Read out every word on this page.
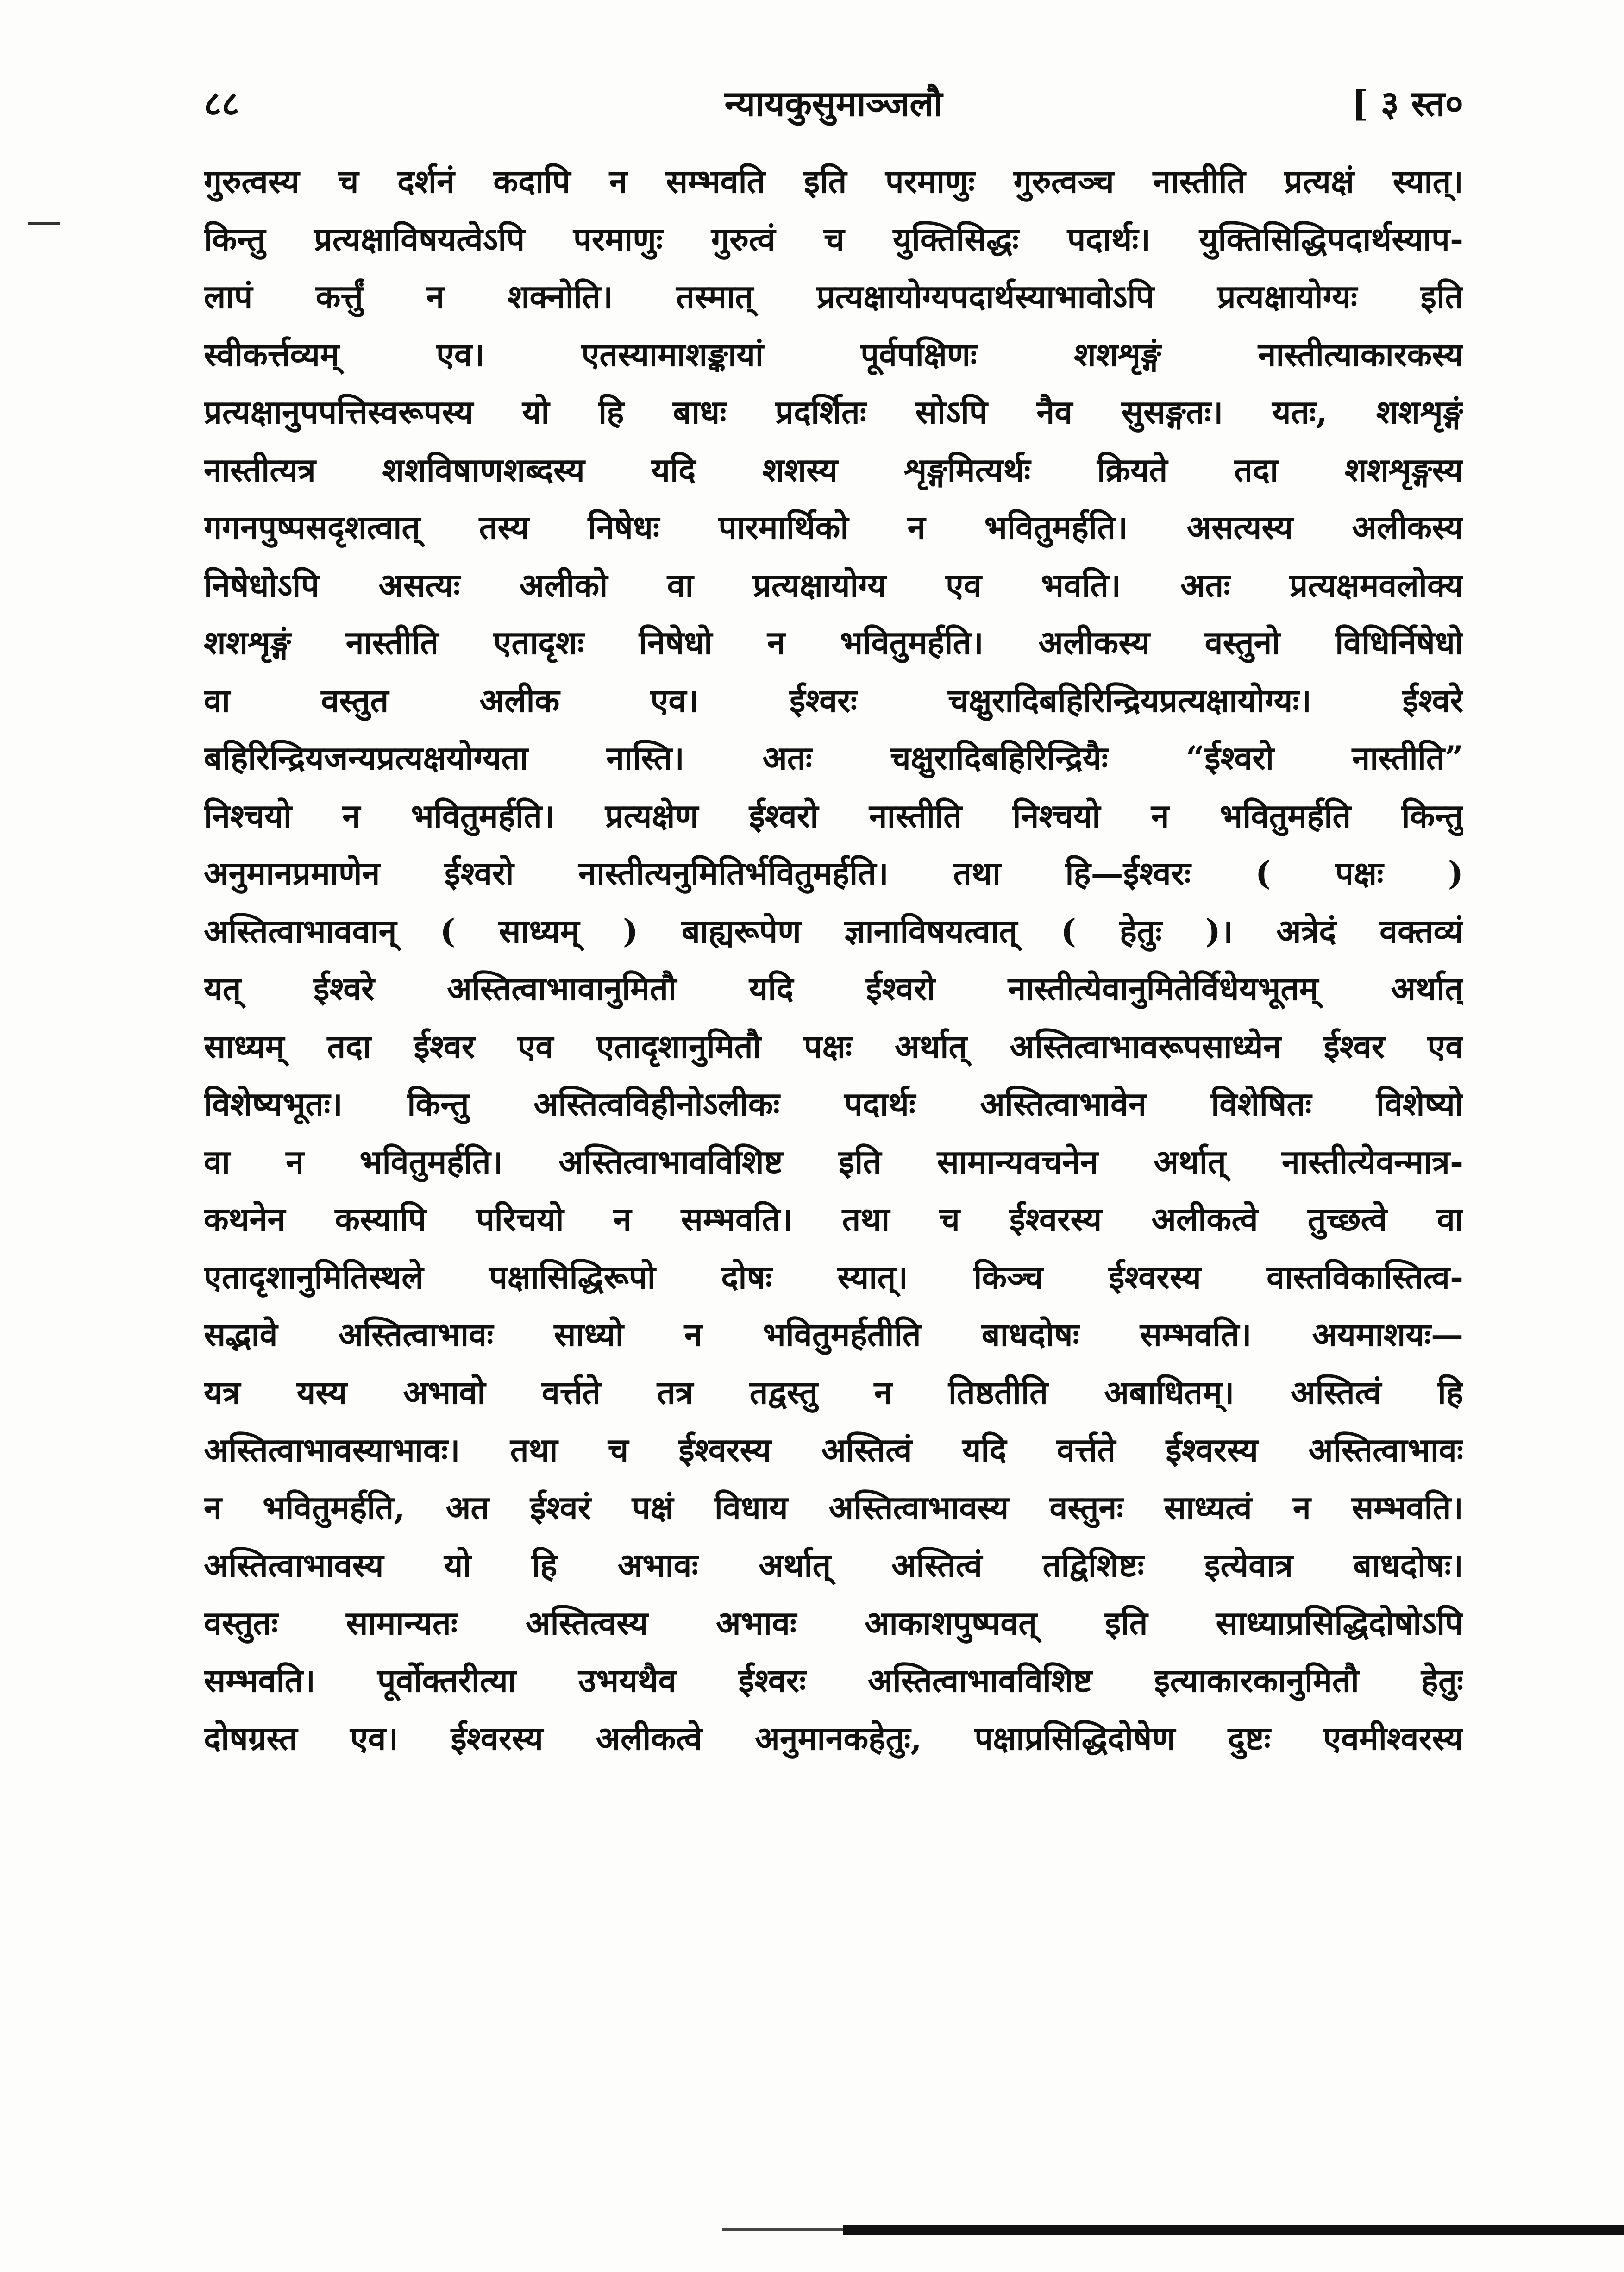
८८	न्यायकुसुमाञ्जलौ	[ ३ स्त०
गुरुत्वस्य च दर्शनं कदापि न सम्भवति इति परमाणुः गुरुत्वञ्च नास्तीति प्रत्यक्षं स्यात्।
किन्तु प्रत्यक्षाविषयत्वेऽपि परमाणुः गुरुत्वं च युक्तिसिद्धः पदार्थः। युक्तिसिद्धिपदार्थस्याप-
लापं कर्त्तुं न शक्नोति। तस्मात् प्रत्यक्षायोग्यपदार्थस्याभावोऽपि प्रत्यक्षायोग्यः इति
स्वीकर्त्तव्यम् एव। एतस्यामाशङ्कायां पूर्वपक्षिणः शशशृङ्गं नास्तीत्याकारकस्य
प्रत्यक्षानुपपत्तिस्वरूपस्य यो हि बाधः प्रदर्शितः सोऽपि नैव सुसङ्गतः। यतः, शशशृङ्गं
नास्तीत्यत्र शशविषाणशब्दस्य यदि शशस्य शृङ्गमित्यर्थः क्रियते तदा शशशृङ्गस्य
गगनपुष्पसदृशत्वात् तस्य निषेधः पारमार्थिको न भवितुमर्हति। असत्यस्य अलीकस्य
निषेधोऽपि असत्यः अलीको वा प्रत्यक्षायोग्य एव भवति। अतः प्रत्यक्षमवलोक्य
शशशृङ्गं नास्तीति एतादृशः निषेधो न भवितुमर्हति। अलीकस्य वस्तुनो विधिर्निषेधो
वा वस्तुत अलीक एव। ईश्वरः चक्षुरादिबहिरिन्द्रियप्रत्यक्षायोग्यः। ईश्वरे
बहिरिन्द्रियजन्यप्रत्यक्षयोग्यता नास्ति। अतः चक्षुरादिबहिरिन्द्रियैः “ईश्वरो नास्तीति”
निश्चयो न भवितुमर्हति। प्रत्यक्षेण ईश्वरो नास्तीति निश्चयो न भवितुमर्हति किन्तु
अनुमानप्रमाणेन ईश्वरो नास्तीत्यनुमितिर्भवितुमर्हति। तथा हि—ईश्वरः ( पक्षः )
अस्तित्वाभाववान् ( साध्यम् ) बाह्यरूपेण ज्ञानाविषयत्वात् ( हेतुः )। अत्रेदं वक्तव्यं
यत् ईश्वरे अस्तित्वाभावानुमितौ यदि ईश्वरो नास्तीत्येवानुमितेर्विधेयभूतम् अर्थात्
साध्यम् तदा ईश्वर एव एतादृशानुमितौ पक्षः अर्थात् अस्तित्वाभावरूपसाध्येन ईश्वर एव
विशेष्यभूतः। किन्तु अस्तित्वविहीनोऽलीकः पदार्थः अस्तित्वाभावेन विशेषितः विशेष्यो
वा न भवितुमर्हति। अस्तित्वाभावविशिष्ट इति सामान्यवचनेन अर्थात् नास्तीत्येवन्मात्र-
कथनेन कस्यापि परिचयो न सम्भवति। तथा च ईश्वरस्य अलीकत्वे तुच्छत्वे वा
एतादृशानुमितिस्थले पक्षासिद्धिरूपो दोषः स्यात्। किञ्च ईश्वरस्य वास्तविकास्तित्व-
सद्भावे अस्तित्वाभावः साध्यो न भवितुमर्हतीति बाधदोषः सम्भवति। अयमाशयः—
यत्र यस्य अभावो वर्त्तते तत्र तद्वस्तु न तिष्ठतीति अबाधितम्। अस्तित्वं हि
अस्तित्वाभावस्याभावः। तथा च ईश्वरस्य अस्तित्वं यदि वर्त्तते ईश्वरस्य अस्तित्वाभावः
न भवितुमर्हति, अत ईश्वरं पक्षं विधाय अस्तित्वाभावस्य वस्तुनः साध्यत्वं न सम्भवति।
अस्तित्वाभावस्य यो हि अभावः अर्थात् अस्तित्वं तद्विशिष्टः इत्येवात्र बाधदोषः।
वस्तुतः सामान्यतः अस्तित्वस्य अभावः आकाशपुष्पवत् इति साध्याप्रसिद्धिदोषोऽपि
सम्भवति। पूर्वोक्तरीत्या उभयथैव ईश्वरः अस्तित्वाभावविशिष्ट इत्याकारकानुमितौ हेतुः
दोषग्रस्त एव। ईश्वरस्य अलीकत्वे अनुमानकहेतुः, पक्षाप्रसिद्धिदोषेण दुष्टः एवमीश्वरस्य
